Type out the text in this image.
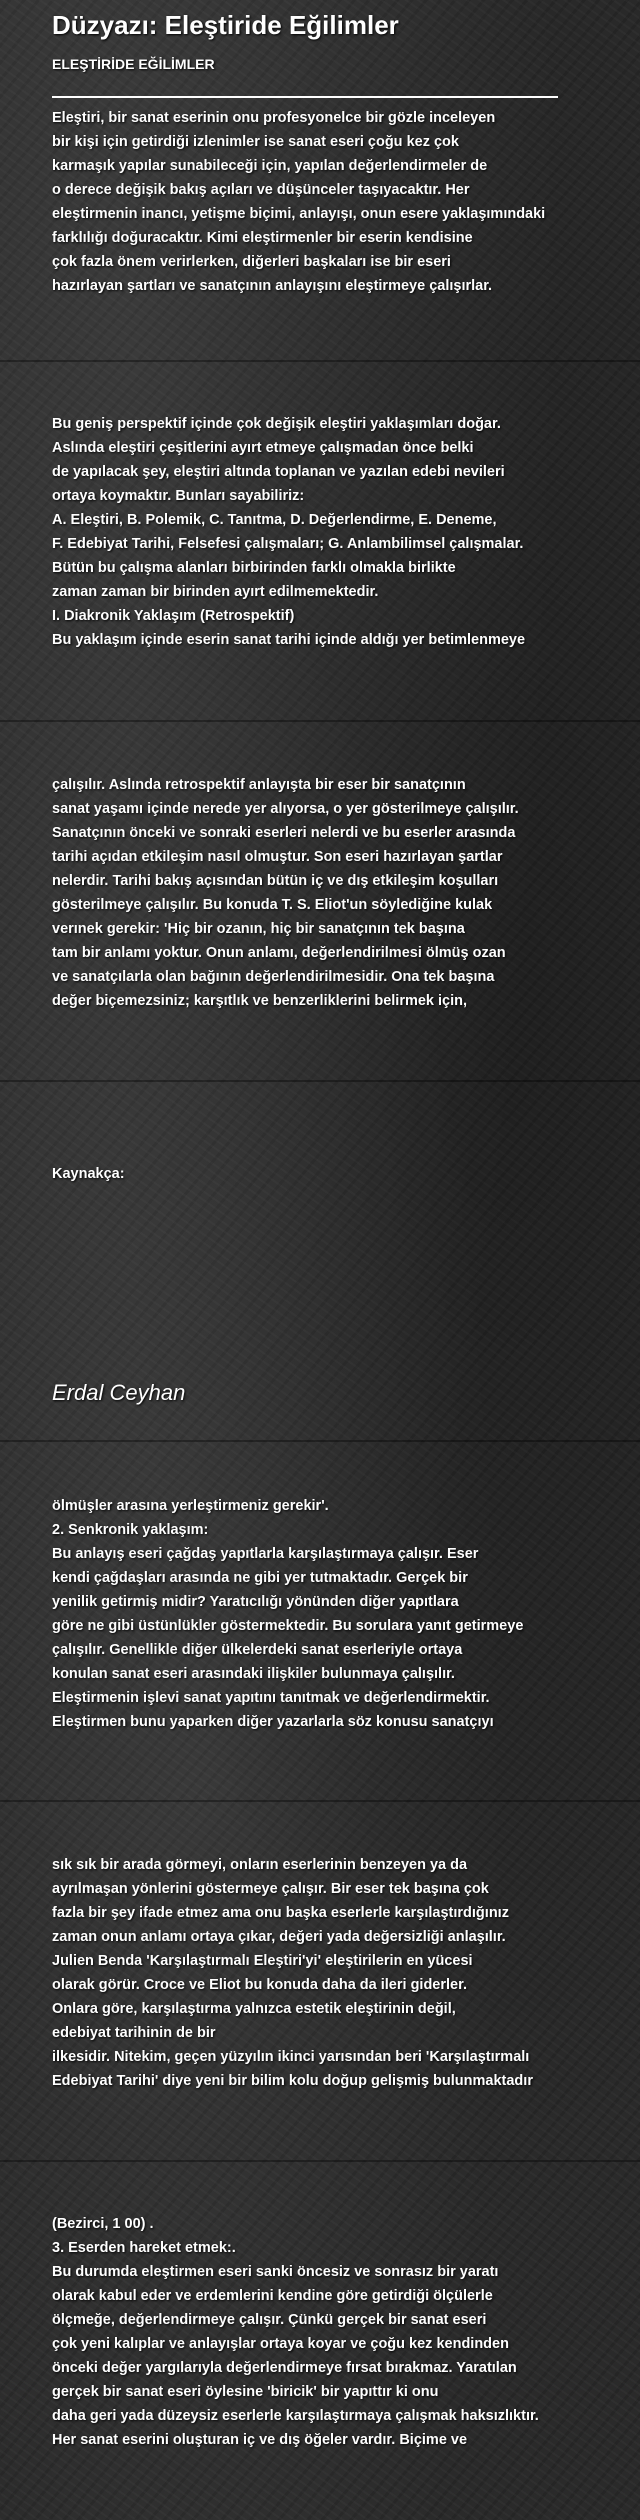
Düzyazı: Eleştiride Eğilimler
ELEŞTİRİDE EĞİLİMLER
Eleştiri, bir sanat eserinin onu profesyonelce bir gözle inceleyen
bir kişi için getirdiği izlenimler ise sanat eseri çoğu kez çok
karmaşık yapılar sunabileceği için, yapılan değerlendirmeler de
o derece değişik bakış açıları ve düşünceler taşıyacaktır. Her
eleştirmenin inancı, yetişme biçimi, anlayışı, onun esere yaklaşımındaki
farklılığı doğuracaktır. Kimi eleştirmenler bir eserin kendisine
çok fazla önem verirlerken, diğerleri başkaları ise bir eseri
hazırlayan şartları ve sanatçının anlayışını eleştirmeye çalışırlar.
Bu geniş perspektif içinde çok değişik eleştiri yaklaşımları doğar.
Aslında eleştiri çeşitlerini ayırt etmeye çalışmadan önce belki
de yapılacak şey, eleştiri altında toplanan ve yazılan edebi nevileri
ortaya koymaktır. Bunları sayabiliriz:
A. Eleştiri, B. Polemik, C. Tanıtma, D. Değerlendirme, E. Deneme,
F. Edebiyat Tarihi, Felsefesi çalışmaları; G. Anlambilimsel çalışmalar.
Bütün bu çalışma alanları birbirinden farklı olmakla birlikte
zaman zaman bir birinden ayırt edilmemektedir.
I. Diakronik Yaklaşım (Retrospektif)
Bu yaklaşım içinde eserin sanat tarihi içinde aldığı yer betimlenmeye
çalışılır. Aslında retrospektif anlayışta bir eser bir sanatçının
sanat yaşamı içinde nerede yer alıyorsa, o yer gösterilmeye çalışılır.
Sanatçının önceki ve sonraki eserleri nelerdi ve bu eserler arasında
tarihi açıdan etkileşim nasıl olmuştur. Son eseri hazırlayan şartlar
nelerdir. Tarihi bakış açısından bütün iç ve dış etkileşim koşulları
gösterilmeye çalışılır. Bu konuda T. S. Eliot'un söylediğine kulak
verınek gerekir: 'Hiç bir ozanın, hiç bir sanatçının tek başına
tam bir anlamı yoktur. Onun anlamı, değerlendirilmesi ölmüş ozan
ve sanatçılarla olan bağının değerlendirilmesidir. Ona tek başına
değer biçemezsiniz; karşıtlık ve benzerliklerini belirmek için,
Kaynakça:
Erdal Ceyhan
ölmüşler arasına yerleştirmeniz gerekir'.
2. Senkronik yaklaşım:
Bu anlayış eseri çağdaş yapıtlarla karşılaştırmaya çalışır. Eser
kendi çağdaşları arasında ne gibi yer tutmaktadır. Gerçek bir
yenilik getirmiş midir? Yaratıcılığı yönünden diğer yapıtlara
göre ne gibi üstünlükler göstermektedir. Bu sorulara yanıt getirmeye
çalışılır. Genellikle diğer ülkelerdeki sanat eserleriyle ortaya
konulan sanat eseri arasındaki ilişkiler bulunmaya çalışılır.
Eleştirmenin işlevi sanat yapıtını tanıtmak ve değerlendirmektir.
Eleştirmen bunu yaparken diğer yazarlarla söz konusu sanatçıyı
sık sık bir arada görmeyi, onların eserlerinin benzeyen ya da
ayrılmaşan yönlerini göstermeye çalışır. Bir eser tek başına çok
fazla bir şey ifade etmez ama onu başka eserlerle karşılaştırdığınız
zaman onun anlamı ortaya çıkar, değeri yada değersizliği anlaşılır.
Julien Benda 'Karşılaştırmalı Eleştiri'yi' eleştirilerin en yücesi
olarak görür. Croce ve Eliot bu konuda daha da ileri giderler.
Onlara göre, karşılaştırma yalnızca estetik eleştirinin değil,
edebiyat tarihinin de bir
ilkesidir. Nitekim, geçen yüzyılın ikinci yarısından beri 'Karşılaştırmalı
Edebiyat Tarihi' diye yeni bir bilim kolu doğup gelişmiş bulunmaktadır
(Bezirci, 1 00) .
3. Eserden hareket etmek:.
Bu durumda eleştirmen eseri sanki öncesiz ve sonrasız bir yaratı
olarak kabul eder ve erdemlerini kendine göre getirdiği ölçülerle
ölçmeğe, değerlendirmeye çalışır. Çünkü gerçek bir sanat eseri
çok yeni kalıplar ve anlayışlar ortaya koyar ve çoğu kez kendinden
önceki değer yargılarıyla değerlendirmeye fırsat bırakmaz. Yaratılan
gerçek bir sanat eseri öylesine 'biricik' bir yapıttır ki onu
daha geri yada düzeysiz eserlerle karşılaştırmaya çalışmak haksızlıktır.
Her sanat eserini oluşturan iç ve dış öğeler vardır. Biçime ve
